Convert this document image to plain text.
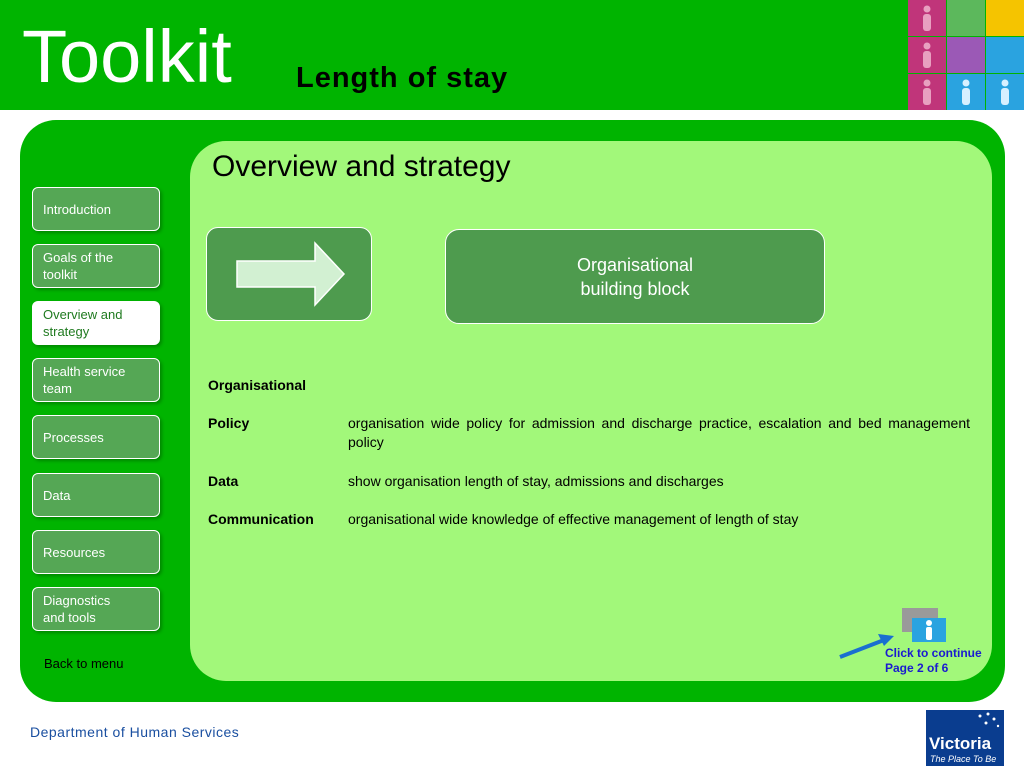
Toolkit Length of stay
Overview and strategy
Introduction
Goals of the
toolkit
Overview and
strategy
Health service
team
Processes
Data
Resources
Diagnostics
and tools
Back to menu
Organisational
building block
Organisational
Policy	organisation wide policy for admission and discharge practice, escalation and bed management policy
Data	show organisation length of stay, admissions and discharges
Communication organisational wide knowledge of effective management of length of stay
Click to continue
Page 2 of 6
Department of Human Services
Victoria
The Place To Be
